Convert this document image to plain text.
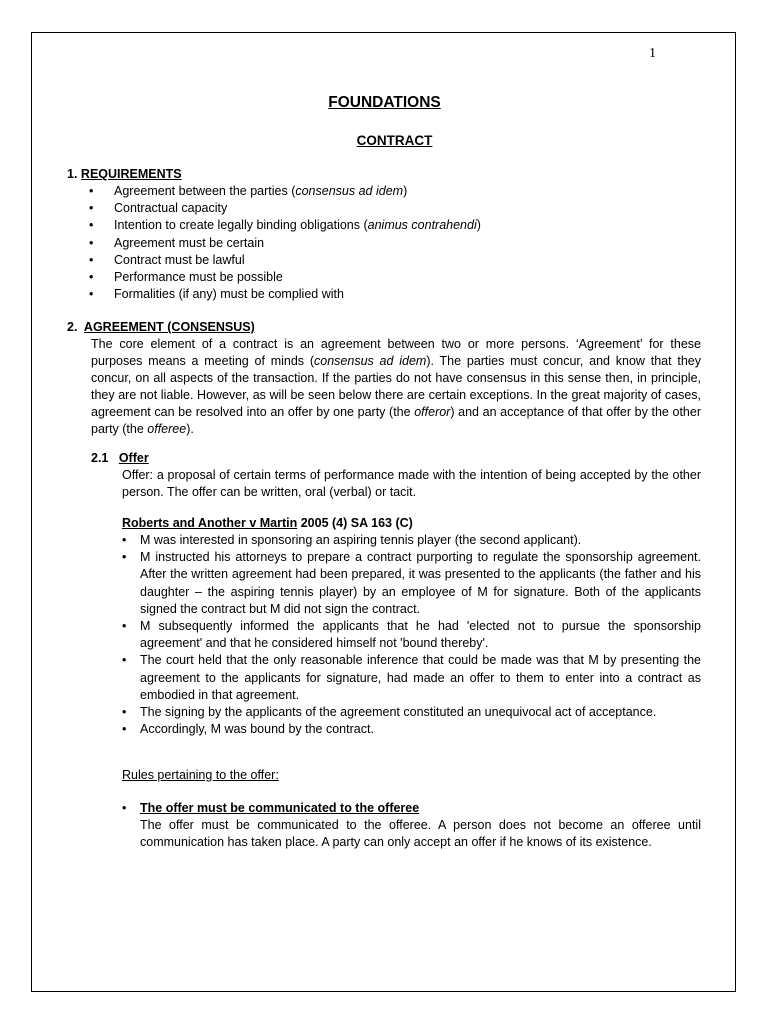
1
FOUNDATIONS
CONTRACT
1. REQUIREMENTS
• Agreement between the parties (consensus ad idem)
• Contractual capacity
• Intention to create legally binding obligations (animus contrahendi)
• Agreement must be certain
• Contract must be lawful
• Performance must be possible
• Formalities (if any) must be complied with
2. AGREEMENT (CONSENSUS)
The core element of a contract is an agreement between two or more persons. ‘Agreement’ for these purposes means a meeting of minds (consensus ad idem). The parties must concur, and know that they concur, on all aspects of the transaction. If the parties do not have consensus in this sense then, in principle, they are not liable. However, as will be seen below there are certain exceptions. In the great majority of cases, agreement can be resolved into an offer by one party (the offeror) and an acceptance of that offer by the other party (the offeree).
2.1 Offer
Offer: a proposal of certain terms of performance made with the intention of being accepted by the other person. The offer can be written, oral (verbal) or tacit.
Roberts and Another v Martin 2005 (4) SA 163 (C)
• M was interested in sponsoring an aspiring tennis player (the second applicant).
• M instructed his attorneys to prepare a contract purporting to regulate the sponsorship agreement. After the written agreement had been prepared, it was presented to the applicants (the father and his daughter – the aspiring tennis player) by an employee of M for signature. Both of the applicants signed the contract but M did not sign the contract.
• M subsequently informed the applicants that he had 'elected not to pursue the sponsorship agreement' and that he considered himself not 'bound thereby'.
• The court held that the only reasonable inference that could be made was that M by presenting the agreement to the applicants for signature, had made an offer to them to enter into a contract as embodied in that agreement.
• The signing by the applicants of the agreement constituted an unequivocal act of acceptance.
• Accordingly, M was bound by the contract.
Rules pertaining to the offer:
• The offer must be communicated to the offeree
The offer must be communicated to the offeree. A person does not become an offeree until communication has taken place. A party can only accept an offer if he knows of its existence.
